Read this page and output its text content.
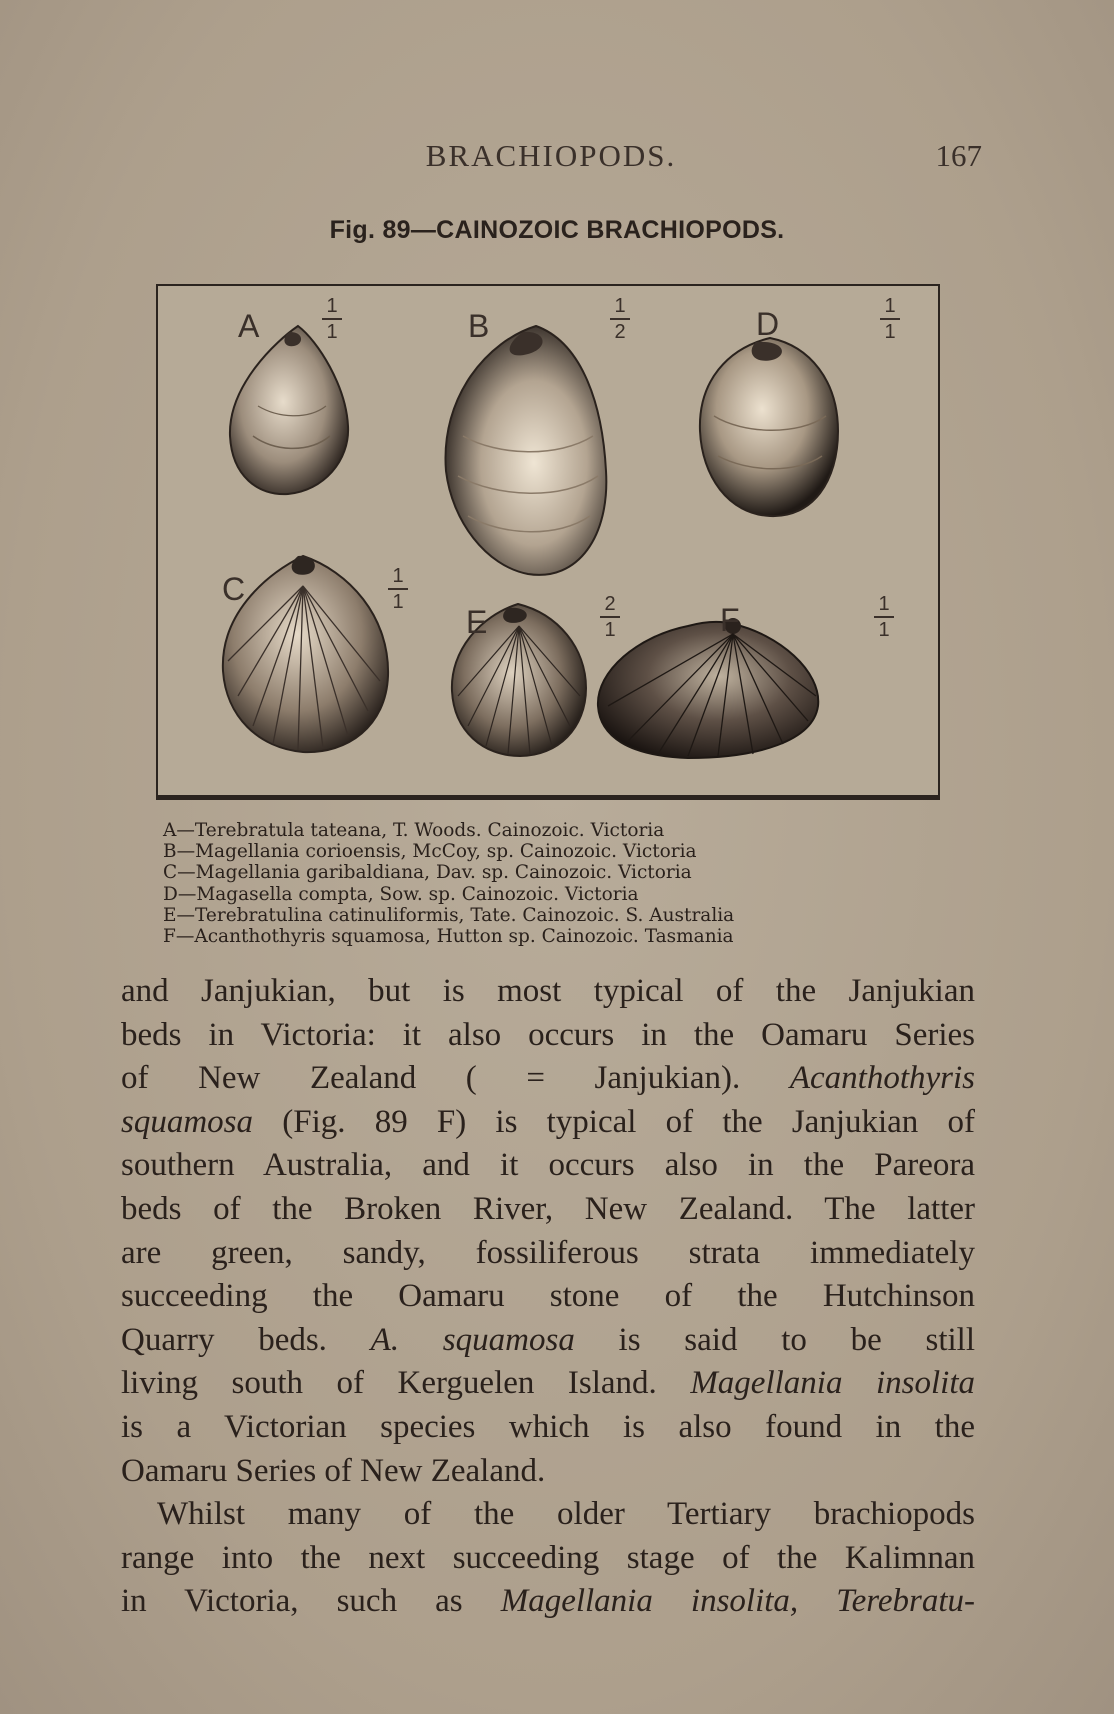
BRACHIOPODS.	167
Fig. 89—CAINOZOIC BRACHIOPODS.
A
1
1	B
1
2	D	1
1
C	1
1
E	2
1	F	1
1
A—Terebratula tateana, T. Woods. Cainozoic. Victoria
B—Magellania corioensis, McCoy, sp. Cainozoic. Victoria
C—Magellania garibaldiana, Dav. sp. Cainozoic. Victoria
D—Magasella compta, Sow. sp. Cainozoic. Victoria
E—Terebratulina catinuliformis, Tate. Cainozoic. S. Australia
F—Acanthothyris squamosa, Hutton sp. Cainozoic. Tasmania

and Janjukian, but is most typical of the Janjukian
beds in Victoria: it also occurs in the Oamaru Series
of New Zealand ( = Janjukian). Acanthothyris
squamosa (Fig. 89 F) is typical of the Janjukian of
southern Australia, and it occurs also in the Pareora
beds of the Broken River, New Zealand. The latter
are green, sandy, fossiliferous strata immediately
succeeding the Oamaru stone of the Hutchinson
Quarry beds. A. squamosa is said to be still
living south of Kerguelen Island. Magellania insolita
is a Victorian species which is also found in the
Oamaru Series of New Zealand.

Whilst many of the older Tertiary brachiopods
range into the next succeeding stage of the Kalimnan
in Victoria, such as Magellania insolita, Terebratu-
